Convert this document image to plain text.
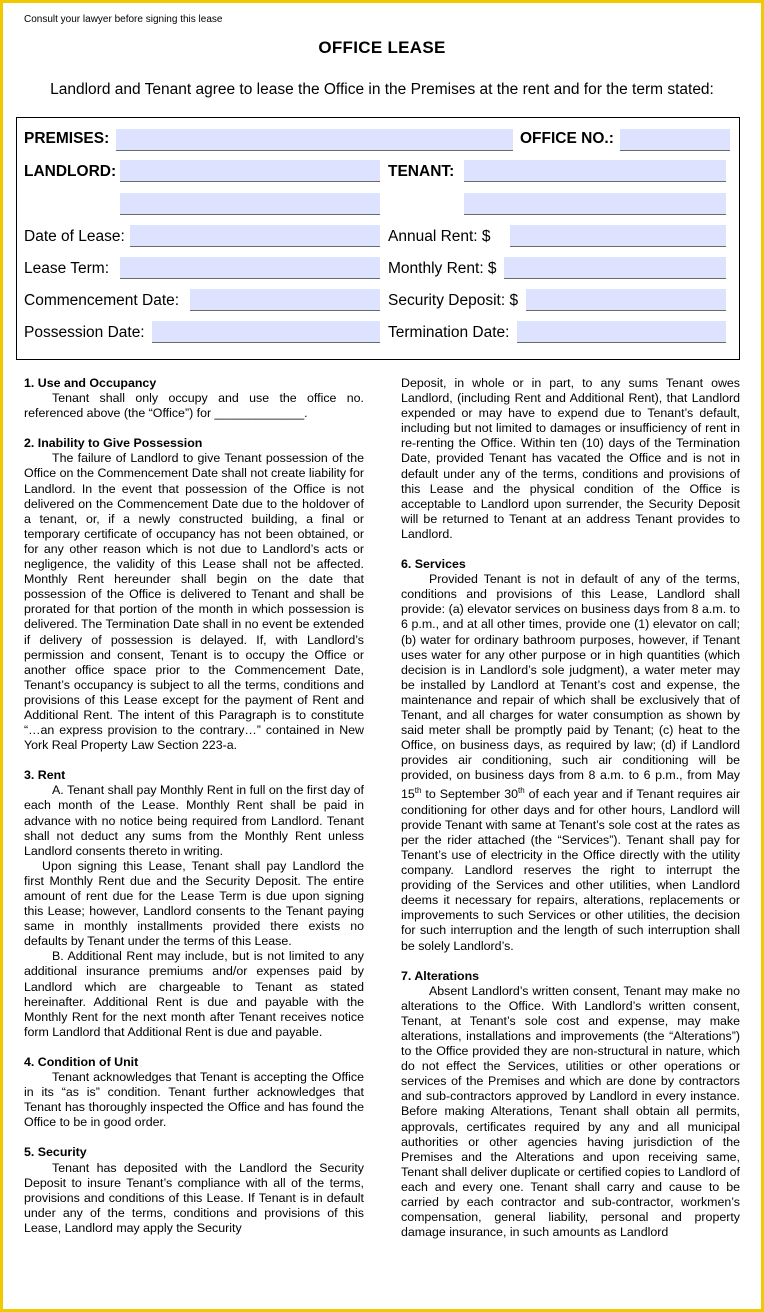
Consult your lawyer before signing this lease
OFFICE LEASE
Landlord and Tenant agree to lease the Office in the Premises at the rent and for the term stated:
PREMISES:	OFFICE NO.:
LANDLORD:	TENANT:
Date of Lease:	Annual Rent: $
Lease Term:	Monthly Rent: $
Commencement Date:	Security Deposit: $
Possession Date:	Termination Date:
1. Use and Occupancy

Tenant shall only occupy and use the office no. referenced above (the “Office”) for _____________.

2. Inability to Give Possession

The failure of Landlord to give Tenant possession of the Office on the Commencement Date shall not create liability for Landlord. In the event that possession of the Office is not delivered on the Commencement Date due to the holdover of a tenant, or, if a newly constructed building, a final or temporary certificate of occupancy has not been obtained, or for any other reason which is not due to Landlord’s acts or negligence, the validity of this Lease shall not be affected. Monthly Rent hereunder shall begin on the date that possession of the Office is delivered to Tenant and shall be prorated for that portion of the month in which possession is delivered. The Termination Date shall in no event be extended if delivery of possession is delayed. If, with Landlord’s permission and consent, Tenant is to occupy the Office or another office space prior to the Commencement Date, Tenant’s occupancy is subject to all the terms, conditions and provisions of this Lease except for the payment of Rent and Additional Rent. The intent of this Paragraph is to constitute “…an express provision to the contrary…” contained in New York Real Property Law Section 223-a.

3. Rent

A. Tenant shall pay Monthly Rent in full on the first day of each month of the Lease. Monthly Rent shall be paid in advance with no notice being required from Landlord. Tenant shall not deduct any sums from the Monthly Rent unless Landlord consents thereto in writing.

Upon signing this Lease, Tenant shall pay Landlord the first Monthly Rent due and the Security Deposit. The entire amount of rent due for the Lease Term is due upon signing this Lease; however, Landlord consents to the Tenant paying same in monthly installments provided there exists no defaults by Tenant under the terms of this Lease.

B. Additional Rent may include, but is not limited to any additional insurance premiums and/or expenses paid by Landlord which are chargeable to Tenant as stated hereinafter. Additional Rent is due and payable with the Monthly Rent for the next month after Tenant receives notice form Landlord that Additional Rent is due and payable.

4. Condition of Unit

Tenant acknowledges that Tenant is accepting the Office in its “as is” condition. Tenant further acknowledges that Tenant has thoroughly inspected the Office and has found the Office to be in good order.

5. Security

Tenant has deposited with the Landlord the Security Deposit to insure Tenant’s compliance with all of the terms, provisions and conditions of this Lease. If Tenant is in default under any of the terms, conditions and provisions of this Lease, Landlord may apply the Security

Deposit, in whole or in part, to any sums Tenant owes Landlord, (including Rent and Additional Rent), that Landlord expended or may have to expend due to Tenant’s default, including but not limited to damages or insufficiency of rent in re-renting the Office. Within ten (10) days of the Termination Date, provided Tenant has vacated the Office and is not in default under any of the terms, conditions and provisions of this Lease and the physical condition of the Office is acceptable to Landlord upon surrender, the Security Deposit will be returned to Tenant at an address Tenant provides to Landlord.

6. Services

Provided Tenant is not in default of any of the terms, conditions and provisions of this Lease, Landlord shall provide: (a) elevator services on business days from 8 a.m. to 6 p.m., and at all other times, provide one (1) elevator on call; (b) water for ordinary bathroom purposes, however, if Tenant uses water for any other purpose or in high quantities (which decision is in Landlord’s sole judgment), a water meter may be installed by Landlord at Tenant’s cost and expense, the maintenance and repair of which shall be exclusively that of Tenant, and all charges for water consumption as shown by said meter shall be promptly paid by Tenant; (c) heat to the Office, on business days, as required by law; (d) if Landlord provides air conditioning, such air conditioning will be provided, on business days from 8 a.m. to 6 p.m., from May 15th to September 30th of each year and if Tenant requires air conditioning for other days and for other hours, Landlord will provide Tenant with same at Tenant’s sole cost at the rates as per the rider attached (the “Services”). Tenant shall pay for Tenant’s use of electricity in the Office directly with the utility company. Landlord reserves the right to interrupt the providing of the Services and other utilities, when Landlord deems it necessary for repairs, alterations, replacements or improvements to such Services or other utilities, the decision for such interruption and the length of such interruption shall be solely Landlord’s.

7. Alterations

Absent Landlord’s written consent, Tenant may make no alterations to the Office. With Landlord’s written consent, Tenant, at Tenant’s sole cost and expense, may make alterations, installations and improvements (the “Alterations”) to the Office provided they are non-structural in nature, which do not effect the Services, utilities or other operations or services of the Premises and which are done by contractors and sub-contractors approved by Landlord in every instance. Before making Alterations, Tenant shall obtain all permits, approvals, certificates required by any and all municipal authorities or other agencies having jurisdiction of the Premises and the Alterations and upon receiving same, Tenant shall deliver duplicate or certified copies to Landlord of each and every one. Tenant shall carry and cause to be carried by each contractor and sub-contractor, workmen’s compensation, general liability, personal and property damage insurance, in such amounts as Landlord
